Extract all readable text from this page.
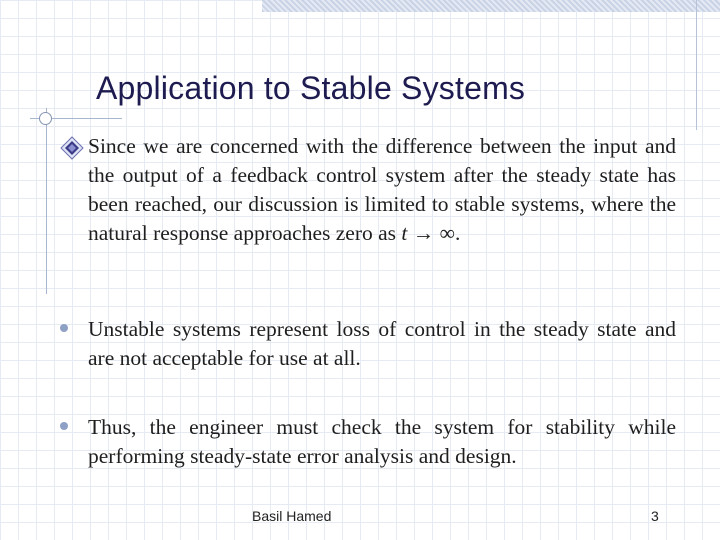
Application to Stable Systems

Since we are concerned with the difference between the input and the output of a feedback control system after the steady state has been reached, our discussion is limited to stable systems, where the natural response approaches zero as t → ∞.

Unstable systems represent loss of control in the steady state and are not acceptable for use at all.

Thus, the engineer must check the system for stability while performing steady-state error analysis and design.

Basil Hamed	3
